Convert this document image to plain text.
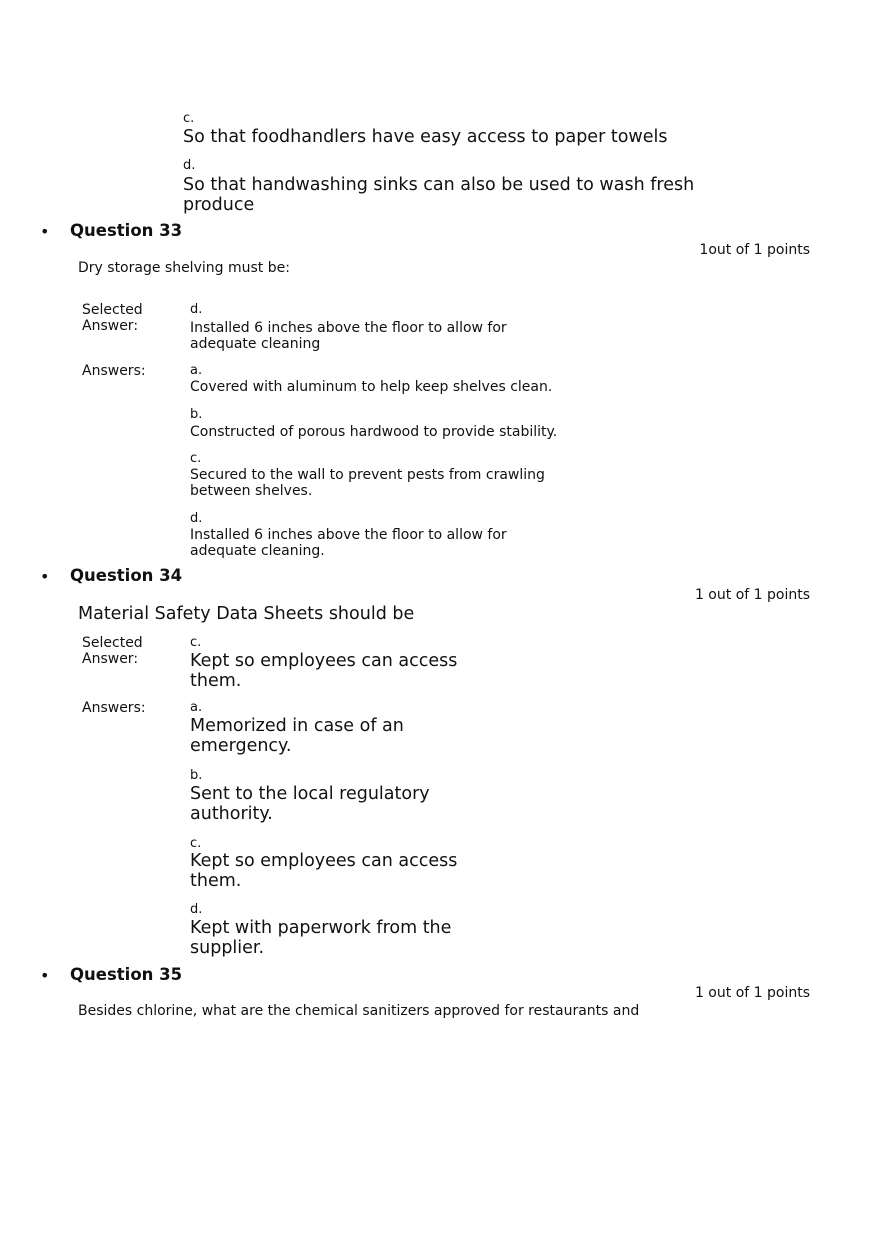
c.
So that foodhandlers have easy access to paper towels
d.
So that handwashing sinks can also be used to wash fresh produce
• Question 33
1out of 1 points
Dry storage shelving must be:
Selected Answer:
d.
Installed 6 inches above the floor to allow for adequate cleaning
Answers:	a.
Covered with aluminum to help keep shelves clean.
b.
Constructed of porous hardwood to provide stability.
c.
Secured to the wall to prevent pests from crawling between shelves.
d.
Installed 6 inches above the floor to allow for adequate cleaning.
• Question 34
1 out of 1 points
Material Safety Data Sheets should be
Selected Answer:
c.
Kept so employees can access them.
Answers:	a.
Memorized in case of an emergency.
b.
Sent to the local regulatory authority.
c.
Kept so employees can access them.
d.
Kept with paperwork from the supplier.
• Question 35
1 out of 1 points
Besides chlorine, what are the chemical sanitizers approved for restaurants and
